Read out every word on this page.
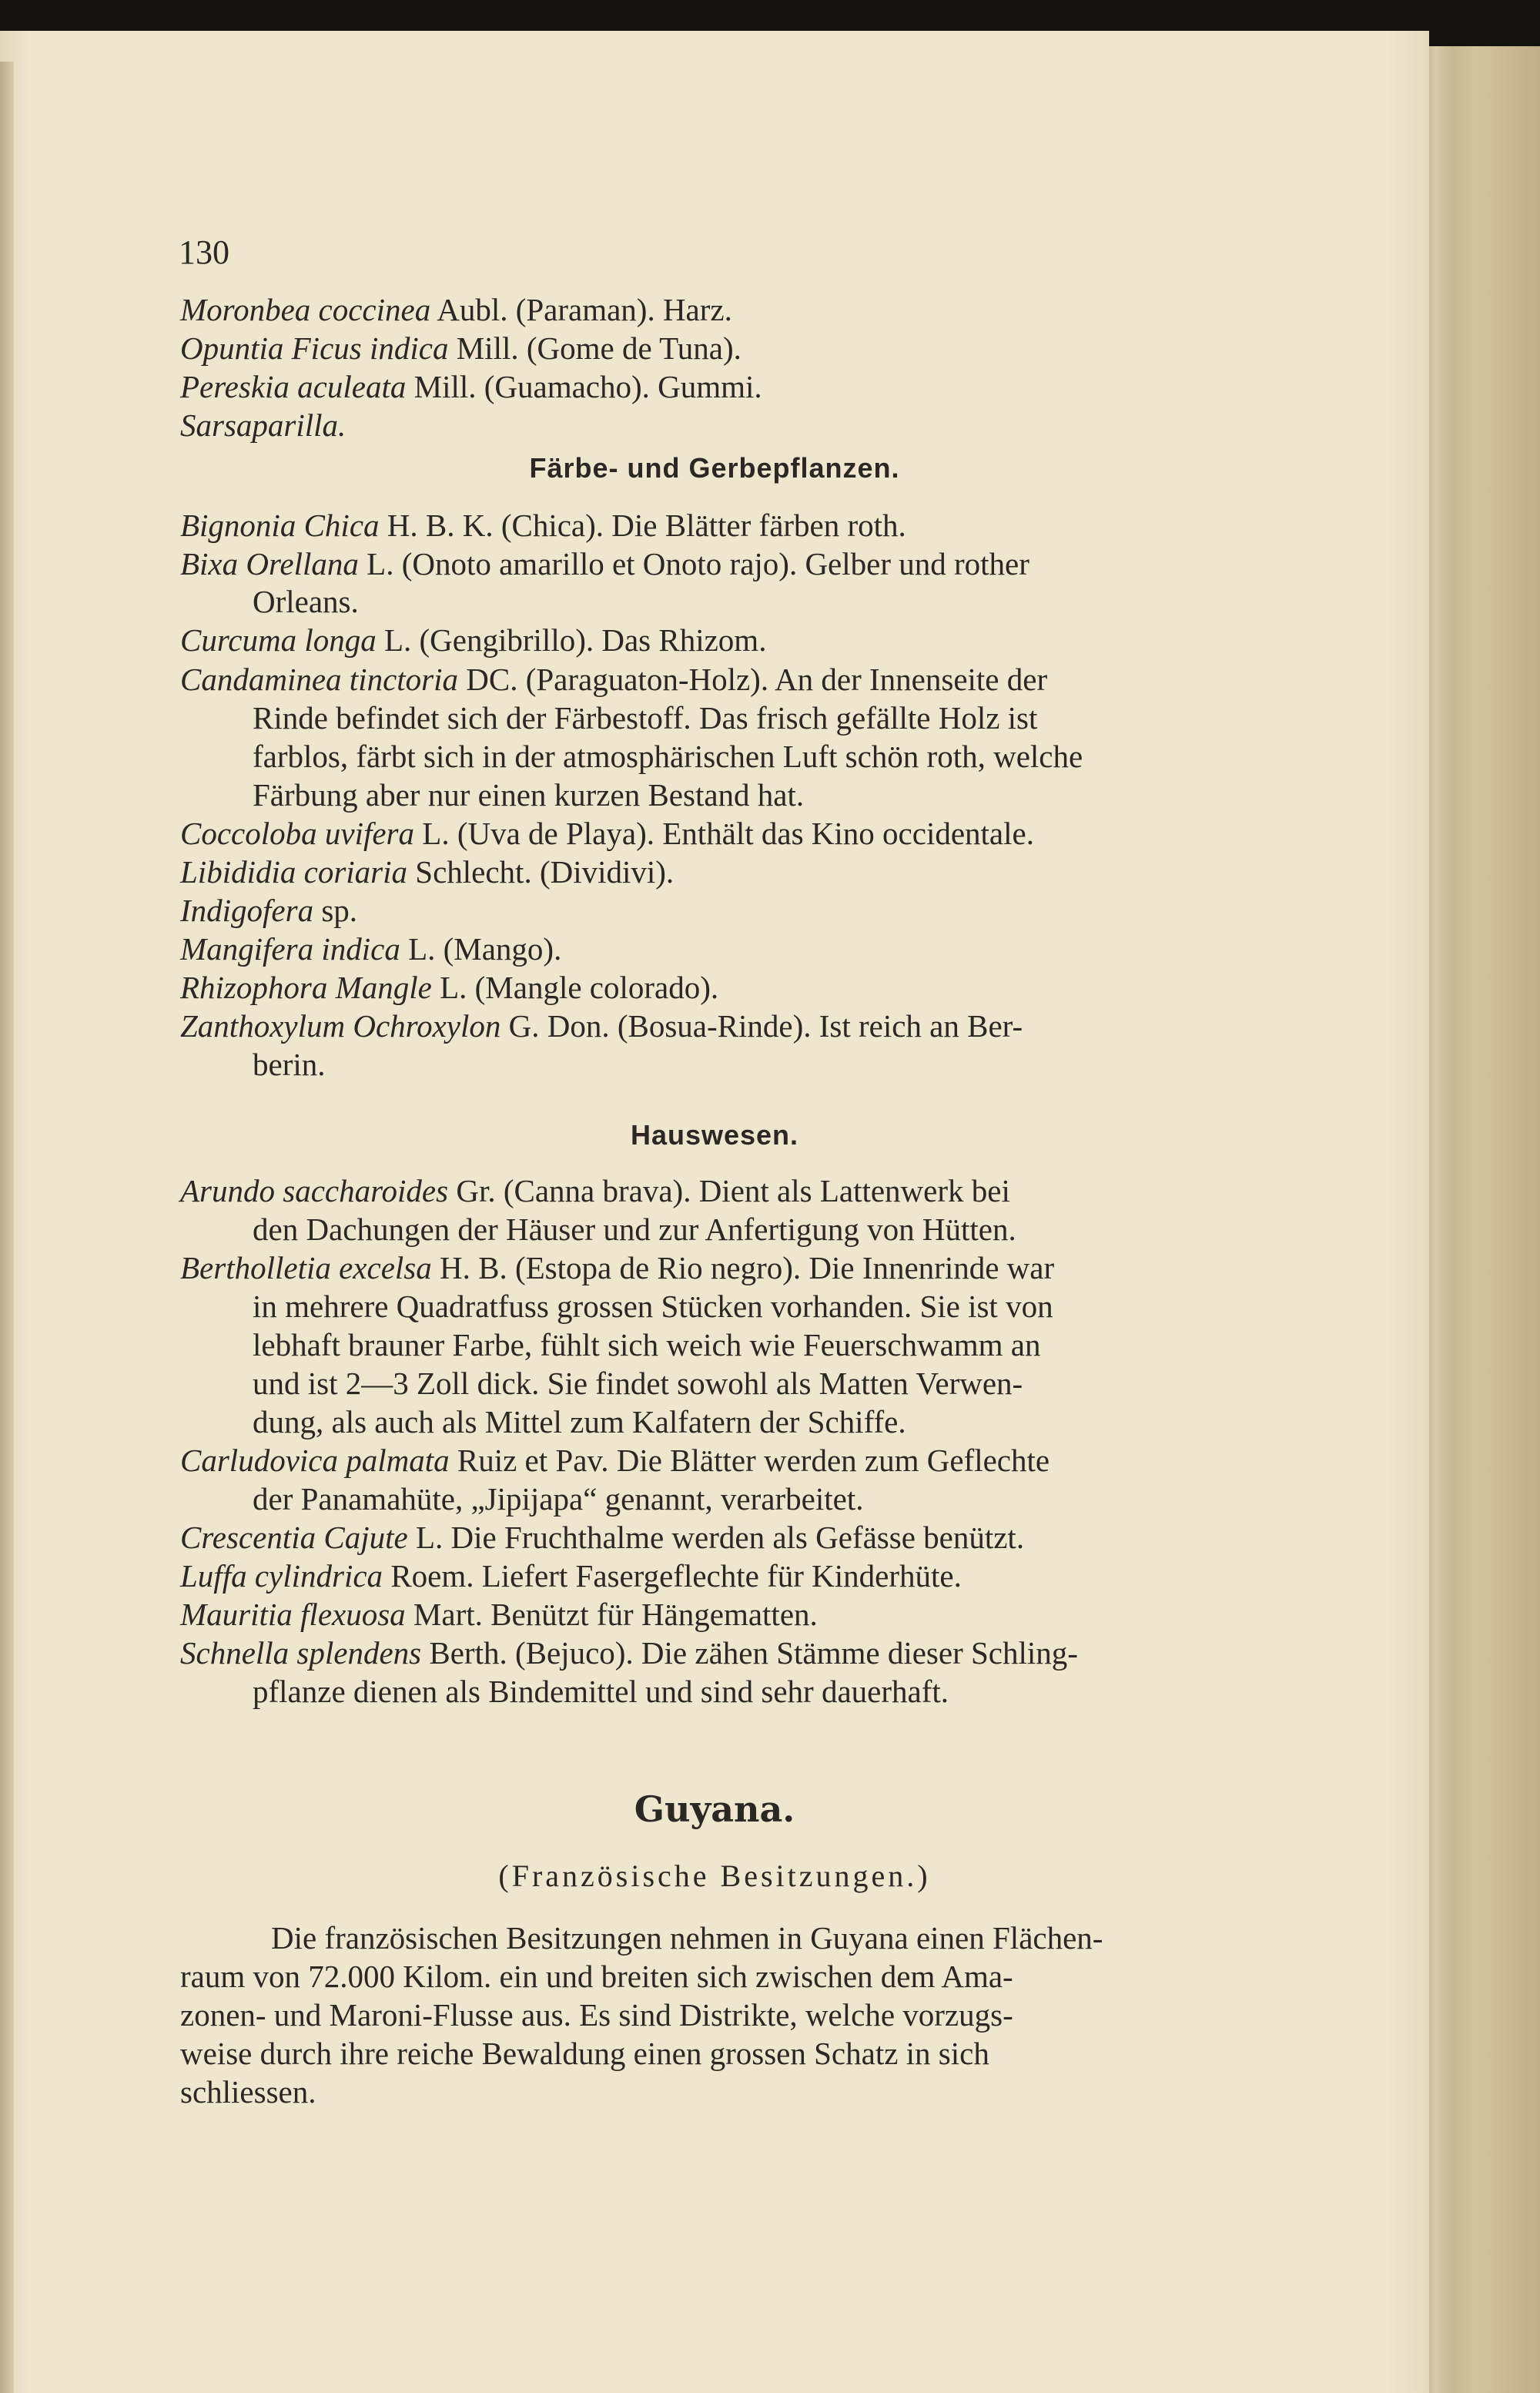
130
Moronbea coccinea Aubl. (Paraman). Harz.
Opuntia Ficus indica Mill. (Gome de Tuna).
Pereskia aculeata Mill. (Guamacho). Gummi.
Sarsaparilla.
Färbe- und Gerbepflanzen.
Bignonia Chica H. B. K. (Chica). Die Blätter färben roth.
Bixa Orellana L. (Onoto amarillo et Onoto rajo). Gelber und rother
Orleans.
Curcuma longa L. (Gengibrillo). Das Rhizom.
Candaminea tinctoria DC. (Paraguaton-Holz). An der Innenseite der
Rinde befindet sich der Färbestoff. Das frisch gefällte Holz ist
farblos, färbt sich in der atmosphärischen Luft schön roth, welche
Färbung aber nur einen kurzen Bestand hat.
Coccoloba uvifera L. (Uva de Playa). Enthält das Kino occidentale.
Libididia coriaria Schlecht. (Dividivi).
Indigofera sp.
Mangifera indica L. (Mango).
Rhizophora Mangle L. (Mangle colorado).
Zanthoxylum Ochroxylon G. Don. (Bosua-Rinde). Ist reich an Ber-
berin.
Hauswesen.
Arundo saccharoides Gr. (Canna brava). Dient als Lattenwerk bei
den Dachungen der Häuser und zur Anfertigung von Hütten.
Bertholletia excelsa H. B. (Estopa de Rio negro). Die Innenrinde war
in mehrere Quadratfuss grossen Stücken vorhanden. Sie ist von
lebhaft brauner Farbe, fühlt sich weich wie Feuerschwamm an
und ist 2—3 Zoll dick. Sie findet sowohl als Matten Verwen-
dung, als auch als Mittel zum Kalfatern der Schiffe.
Carludovica palmata Ruiz et Pav. Die Blätter werden zum Geflechte
der Panamahüte, „Jipijapa“ genannt, verarbeitet.
Crescentia Cajute L. Die Fruchthalme werden als Gefässe benützt.
Luffa cylindrica Roem. Liefert Fasergeflechte für Kinderhüte.
Mauritia flexuosa Mart. Benützt für Hängematten.
Schnella splendens Berth. (Bejuco). Die zähen Stämme dieser Schling-
pflanze dienen als Bindemittel und sind sehr dauerhaft.
Guyana.
(Französische Besitzungen.)
Die französischen Besitzungen nehmen in Guyana einen Flächen-
raum von 72.000 Kilom. ein und breiten sich zwischen dem Ama-
zonen- und Maroni-Flusse aus. Es sind Distrikte, welche vorzugs-
weise durch ihre reiche Bewaldung einen grossen Schatz in sich
schliessen.
